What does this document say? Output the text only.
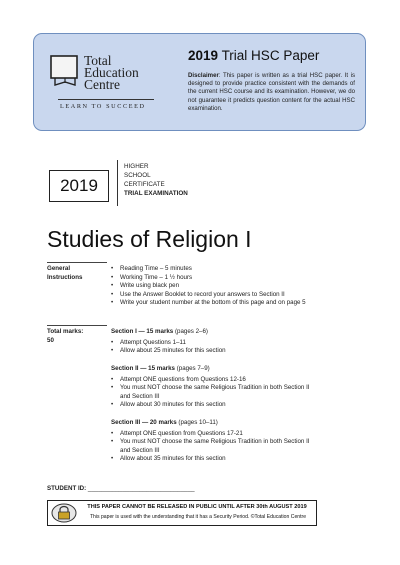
Total
Education
Centre
LEARN TO SUCCEED
2019 Trial HSC Paper
Disclaimer: This paper is written as a trial HSC paper. It is designed to provide practice consistent with the demands of the current HSC course and its examination. However, we do not guarantee it predicts question content for the actual HSC examination.
2019
HIGHER
SCHOOL
CERTIFICATE
TRIAL EXAMINATION
Studies of Religion I
General
Instructions
• Reading Time – 5 minutes
• Working Time – 1 ½ hours
• Write using black pen
• Use the Answer Booklet to record your answers to Section II
• Write your student number at the bottom of this page and on page 5
Total marks:
50
Section I — 15 marks (pages 2–6)
• Attempt Questions 1–11
• Allow about 25 minutes for this section
Section II — 15 marks (pages 7–9)
• Attempt ONE questions from Questions 12-16
• You must NOT choose the same Religious Tradition in both Section II and Section III
• Allow about 30 minutes for this section
Section III — 20 marks (pages 10–11)
• Attempt ONE question from Questions 17-21
• You must NOT choose the same Religious Tradition in both Section II and Section III
• Allow about 35 minutes for this section
STUDENT ID: _______________________________
THIS PAPER CANNOT BE RELEASED IN PUBLIC UNTIL AFTER 30th AUGUST 2019
This paper is used with the understanding that it has a Security Period. ©Total Education Centre
